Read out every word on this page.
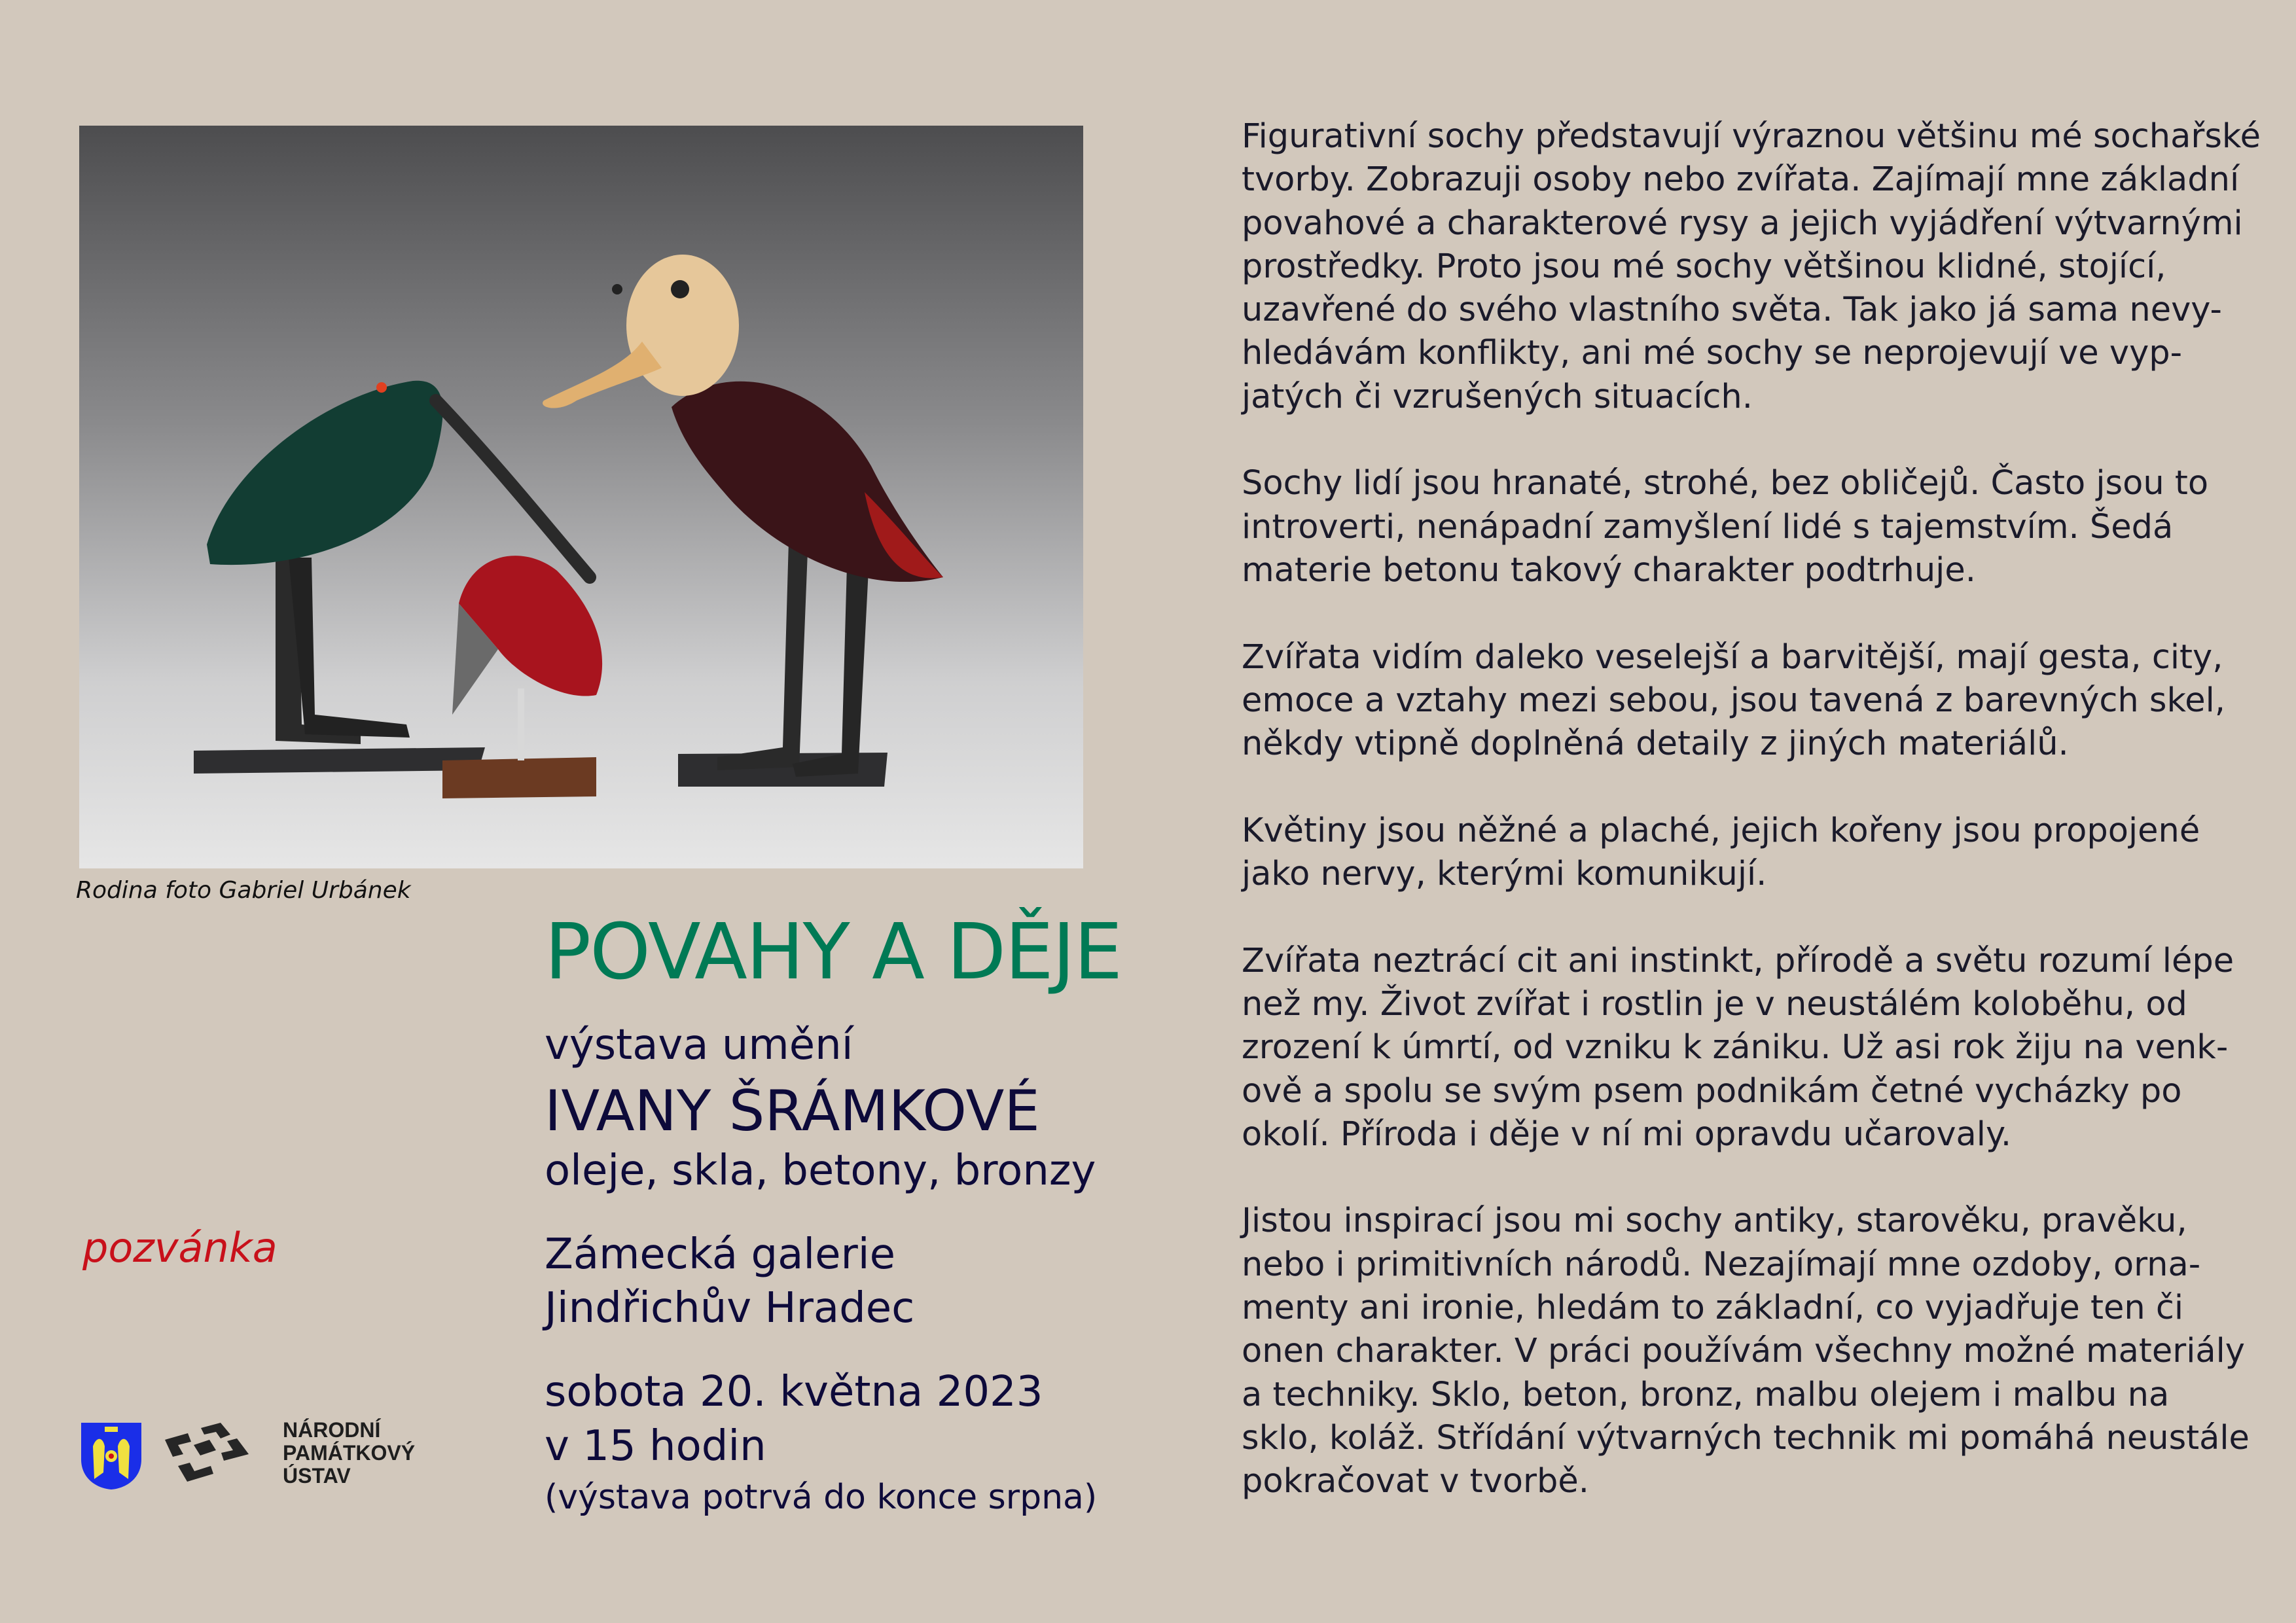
Rodina foto Gabriel Urbánek
POVAHY A DĚJE
výstava umění
IVANY ŠRÁMKOVÉ
oleje, skla, betony, bronzy
Zámecká galerie
Jindřichův Hradec
sobota 20. května 2023
v 15 hodin
(výstava potrvá do konce srpna)
pozvánka
NÁRODNÍ
PAMÁTKOVÝ
ÚSTAV
Figurativní sochy představují výraznou většinu mé sochařské
tvorby. Zobrazuji osoby nebo zvířata. Zajímají mne základní
povahové a charakterové rysy a jejich vyjádření výtvarnými
prostředky. Proto jsou mé sochy většinou klidné, stojící,
uzavřené do svého vlastního světa. Tak jako já sama nevy-
hledávám konflikty, ani mé sochy se neprojevují ve vyp-
jatých či vzrušených situacích.
Sochy lidí jsou hranaté, strohé, bez obličejů. Často jsou to
introverti, nenápadní zamyšlení lidé s tajemstvím. Šedá
materie betonu takový charakter podtrhuje.
Zvířata vidím daleko veselejší a barvitější, mají gesta, city,
emoce a vztahy mezi sebou, jsou tavená z barevných skel,
někdy vtipně doplněná detaily z jiných materiálů.
Květiny jsou něžné a plaché, jejich kořeny jsou propojené
jako nervy, kterými komunikují.
Zvířata neztrácí cit ani instinkt, přírodě a světu rozumí lépe
než my. Život zvířat i rostlin je v neustálém koloběhu, od
zrození k úmrtí, od vzniku k zániku. Už asi rok žiju na venk-
ově a spolu se svým psem podnikám četné vycházky po
okolí. Příroda i děje v ní mi opravdu učarovaly.
Jistou inspirací jsou mi sochy antiky, starověku, pravěku,
nebo i primitivních národů. Nezajímají mne ozdoby, orna-
menty ani ironie, hledám to základní, co vyjadřuje ten či
onen charakter. V práci používám všechny možné materiály
a techniky. Sklo, beton, bronz, malbu olejem i malbu na
sklo, koláž. Střídání výtvarných technik mi pomáhá neustále
pokračovat v tvorbě.
